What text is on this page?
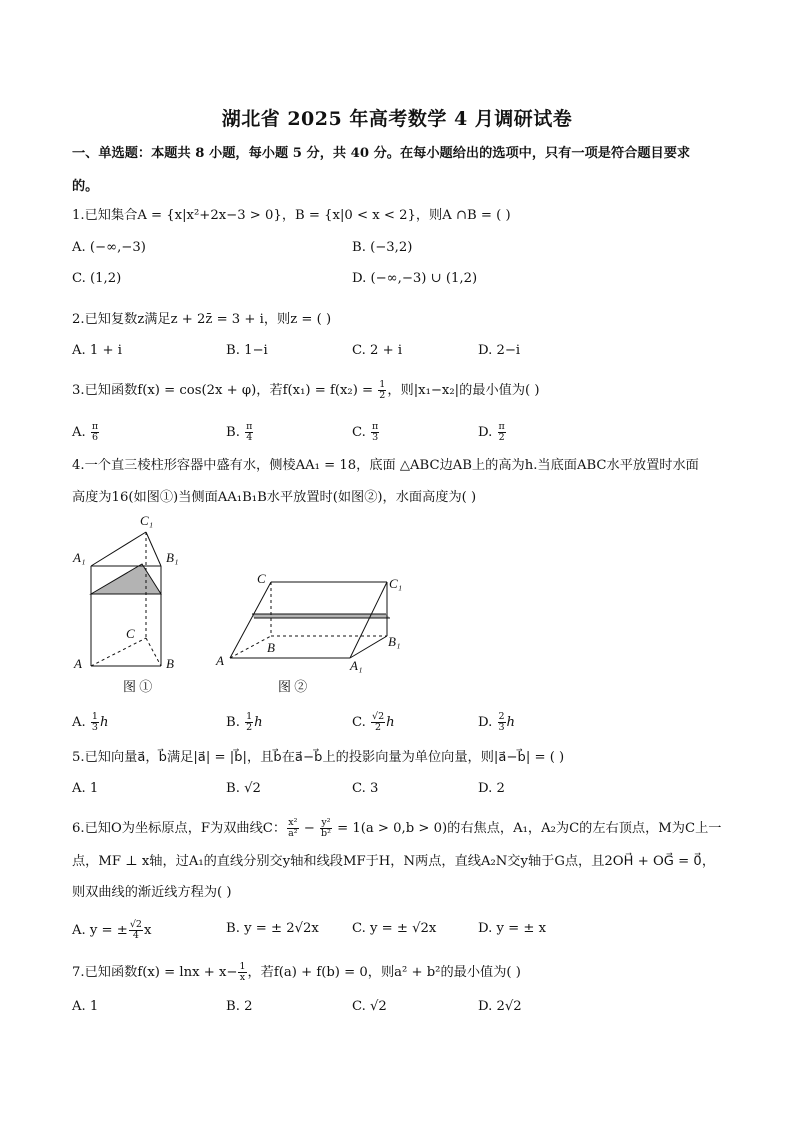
湖北省 2025 年高考数学 4 月调研试卷
一、单选题：本题共 8 小题，每小题 5 分，共 40 分。在每小题给出的选项中，只有一项是符合题目要求
的。
1.已知集合A = {x|x²+2x−3 > 0}，B = {x|0 < x < 2}，则A ∩B = ( )
A. (−∞,−3)	B. (−3,2)
C. (1,2)	D. (−∞,−3) ∪ (1,2)
2.已知复数z满足z + 2z̄ = 3 + i，则z = ( )
A. 1 + i	B. 1−i	C. 2 + i	D. 2−i
3.已知函数f(x) = cos(2x + φ)，若$f(x_1) = f(x_2) = \frac{1}{2}$ ，则|x₁−x₂|的最小值为( )
A. $\frac{\pi}{6}$	B. $\frac{\pi}{4}$	C. $\frac{\pi}{3}$	D. $\frac{\pi}{2}$
4.一个直三棱柱形容器中盛有水，侧棱AA₁ = 18，底面 △ABC边AB上的高为h.当底面ABC水平放置时水面
高度为16(如图①)当侧面AA₁B₁B水平放置时(如图②)，水面高度为( )
C₁
A₁	B₁
C
A	B
C	C₁
B₁
B
A	A₁
图 ①	图 ②
A. $\frac{1}{3}$ h	B. $\frac{1}{2}$ h	C. $\frac{√2}{2}$ h	D. $\frac{2}{3}$ h
5.已知向量a⃗，b⃗满足|a⃗| = |b⃗|，且b⃗在a⃗−b⃗上的投影向量为单位向量，则|a⃗−b⃗| = ( )
A. 1	B. √2	C. 3	D. 2
6.已知O为坐标原点，F为双曲线C： $\frac{\text{x²}}{\text{a²}} - \frac{\text{y²}}{\text{b²}} = 1(a > 0,b > 0)$的右焦点，A₁，A₂为C的左右顶点，M为C上一
点，MF ⊥ x轴，过A₁的直线分别交y轴和线段MF于H，N两点，直线A₂N交y轴于G点，且2OH⃗ + OG⃗ = 0⃗，
则双曲线的渐近线方程为( )
A. y = ± $\frac{√2}{4}$ x	B. y = ± 2√2x	C. y = ± √2x	D. y = ± x
7.已知函数$f(x) = \ln x + x- \frac{1}{x}$ ，若f(a) + f(b) = 0，则a² + b²的最小值为( )
A. 1	B. 2	C. √2	D. 2√2
